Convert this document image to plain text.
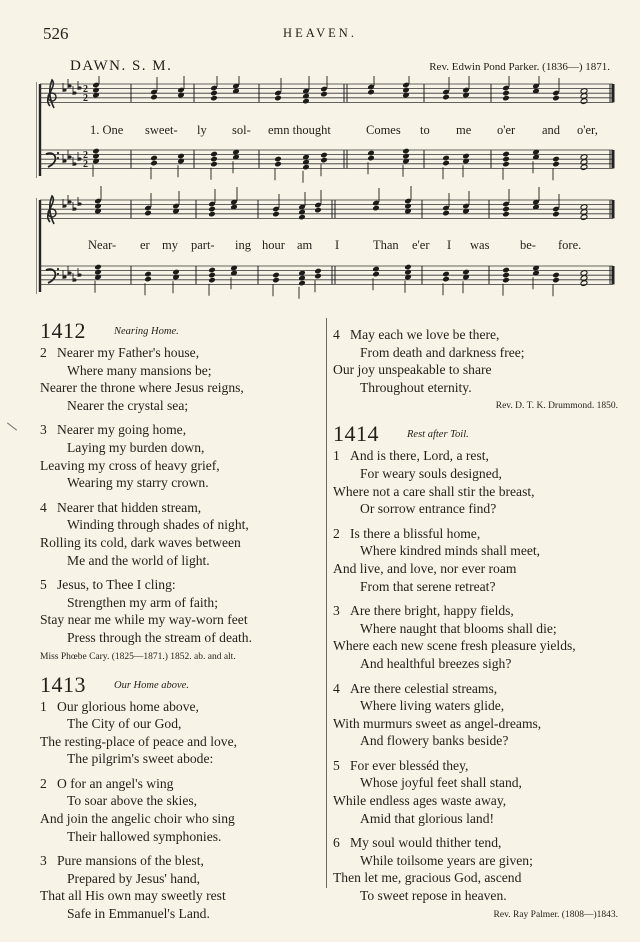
526	HEAVEN.
DAWN. S. M.	Rev. Edwin Pond Parker. (1836—) 1871.
2
2
2
2
1. One sweet- ly sol- emn thought	Comes to me o'er and o'er,
Near- er my part- ing hour am I	Than e'er I was be- fore.
1412	Nearing Home.
2 Nearer my Father's house,
Where many mansions be;
Nearer the throne where Jesus reigns,
Nearer the crystal sea;
3 Nearer my going home,
Laying my burden down,
Leaving my cross of heavy grief,
Wearing my starry crown.
4 Nearer that hidden stream,
Winding through shades of night,
Rolling its cold, dark waves between
Me and the world of light.
5 Jesus, to Thee I cling:
Strengthen my arm of faith;
Stay near me while my way-worn feet
Press through the stream of death.
Miss Phœbe Cary. (1825—1871.) 1852. ab. and alt.
1413	Our Home above.
1 Our glorious home above,
The City of our God,
The resting-place of peace and love,
The pilgrim's sweet abode:
2 O for an angel's wing
To soar above the skies,
And join the angelic choir who sing
Their hallowed symphonies.
3 Pure mansions of the blest,
Prepared by Jesus' hand,
That all His own may sweetly rest
Safe in Emmanuel's Land.
4 May each we love be there,
From death and darkness free;
Our joy unspeakable to share
Throughout eternity.
Rev. D. T. K. Drummond. 1850.
1414	Rest after Toil.
1 And is there, Lord, a rest,
For weary souls designed,
Where not a care shall stir the breast,
Or sorrow entrance find?
2 Is there a blissful home,
Where kindred minds shall meet,
And live, and love, nor ever roam
From that serene retreat?
3 Are there bright, happy fields,
Where naught that blooms shall die;
Where each new scene fresh pleasure yields,
And healthful breezes sigh?
4 Are there celestial streams,
Where living waters glide,
With murmurs sweet as angel-dreams,
And flowery banks beside?
5 For ever blesséd they,
Whose joyful feet shall stand,
While endless ages waste away,
Amid that glorious land!
6 My soul would thither tend,
While toilsome years are given;
Then let me, gracious God, ascend
To sweet repose in heaven.
Rev. Ray Palmer. (1808—)1843.
